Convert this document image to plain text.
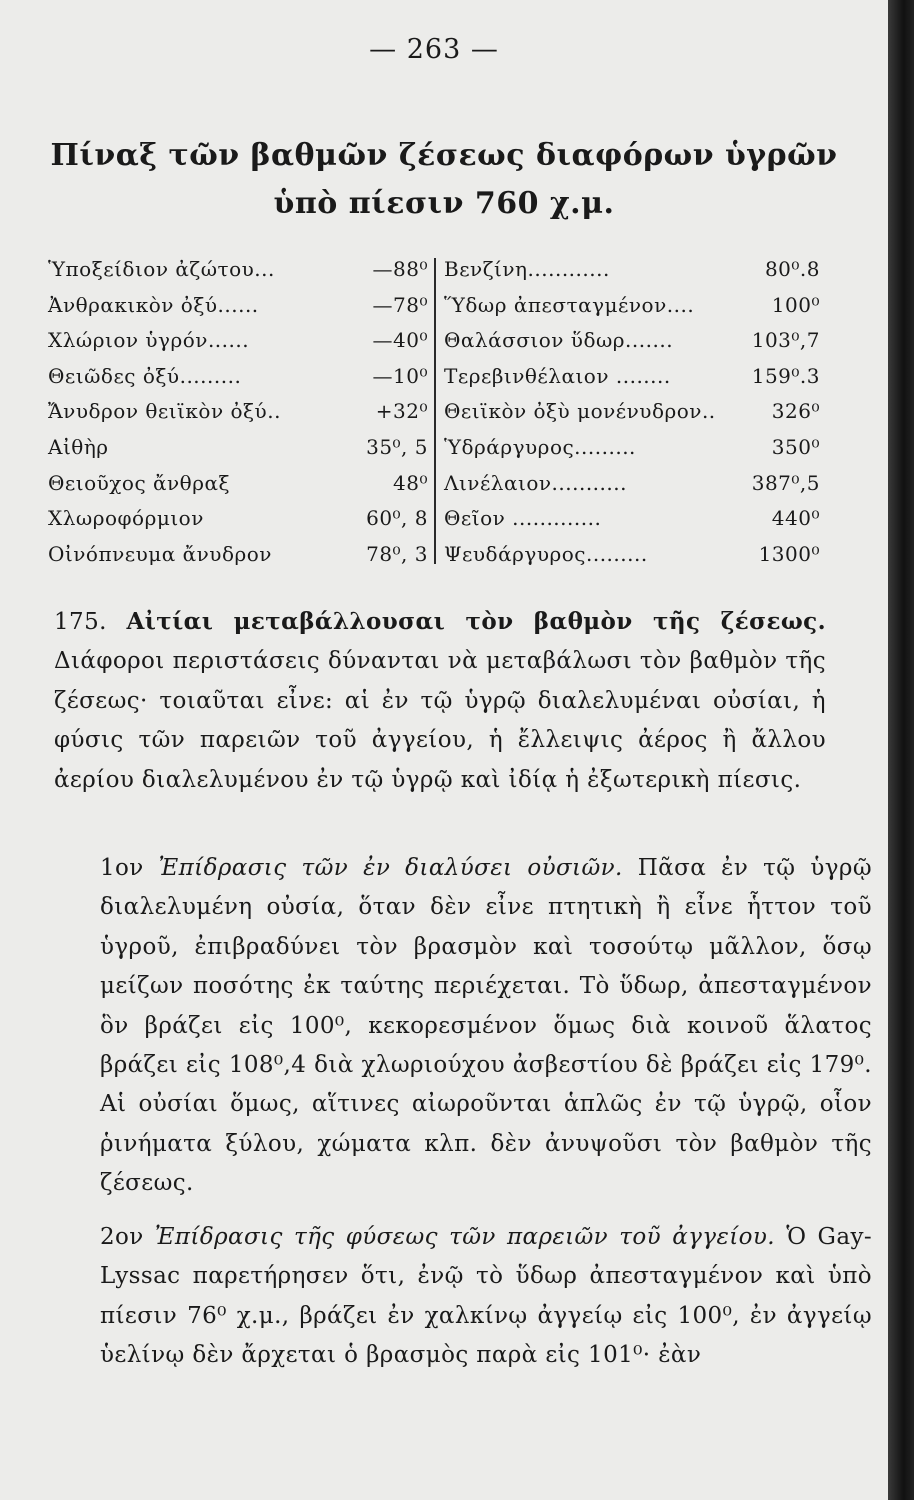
— 263 —
Πίναξ τῶν βαθμῶν ζέσεως διαφόρων ὑγρῶν
ὑπὸ πίεσιν 760 χ.μ.
Ὑποξείδιον ἀζώτου...	—88⁰
Ἀνθρακικὸν ὀξύ......	—78⁰
Χλώριον ὑγρόν......	—40⁰
Θειῶδες ὀξύ.........	—10⁰
Ἄνυδρον θειϊκὸν ὀξύ..	+32⁰
Αἰθὴρ	35⁰, 5
Θειοῦχος ἄνθραξ	48⁰
Χλωροφόρμιον	60⁰, 8
Οἰνόπνευμα ἄνυδρον	78⁰, 3
Βενζίνη............	80⁰.8
Ὕδωρ ἀπεσταγμένον....	100⁰
Θαλάσσιον ὕδωρ.......	103⁰,7
Τερεβινθέλαιον ........	159⁰.3
Θειϊκὸν ὀξὺ μονένυδρον..	326⁰
Ὑδράργυρος.........	350⁰
Λινέλαιον...........	387⁰,5
Θεῖον .............	440⁰
Ψευδάργυρος.........	1300⁰
175. Αἰτίαι μεταβάλλουσαι τὸν βαθμὸν τῆς ζέσεως. Διάφοροι περιστάσεις δύνανται νὰ μεταβάλωσι τὸν βαθμὸν τῆς ζέσεως· τοιαῦται εἶνε: αἱ ἐν τῷ ὑγρῷ διαλελυμέναι οὐσίαι, ἡ φύσις τῶν παρειῶν τοῦ ἀγγείου, ἡ ἔλλειψις ἀέρος ἢ ἄλλου ἀερίου διαλελυμένου ἐν τῷ ὑγρῷ καὶ ἰδίᾳ ἡ ἐξωτερικὴ πίεσις.
1ον Ἐπίδρασις τῶν ἐν διαλύσει οὐσιῶν. Πᾶσα ἐν τῷ ὑγρῷ διαλελυμένη οὐσία, ὅταν δὲν εἶνε πτητικὴ ἢ εἶνε ἧττον τοῦ ὑγροῦ, ἐπιβραδύνει τὸν βρασμὸν καὶ τοσούτῳ μᾶλλον, ὅσῳ μείζων ποσότης ἐκ ταύτης περιέχεται. Τὸ ὕδωρ, ἀπεσταγμένον ὃν βράζει εἰς 100⁰, κεκορεσμένον ὅμως διὰ κοινοῦ ἅλατος βράζει εἰς 108⁰,4 διὰ χλωριούχου ἀσβεστίου δὲ βράζει εἰς 179⁰. Αἱ οὐσίαι ὅμως, αἵτινες αἰωροῦνται ἁπλῶς ἐν τῷ ὑγρῷ, οἷον ῥινήματα ξύλου, χώματα κλπ. δὲν ἀνυψοῦσι τὸν βαθμὸν τῆς ζέσεως.
2ον Ἐπίδρασις τῆς φύσεως τῶν παρειῶν τοῦ ἀγγείου. Ὁ Gay-Lyssac παρετήρησεν ὅτι, ἐνῷ τὸ ὕδωρ ἀπεσταγμένον καὶ ὑπὸ πίεσιν 76⁰ χ.μ., βράζει ἐν χαλκίνῳ ἀγγείῳ εἰς 100⁰, ἐν ἀγγείῳ ὑελίνῳ δὲν ἄρχεται ὁ βρασμὸς παρὰ εἰς 101⁰· ἐὰν
